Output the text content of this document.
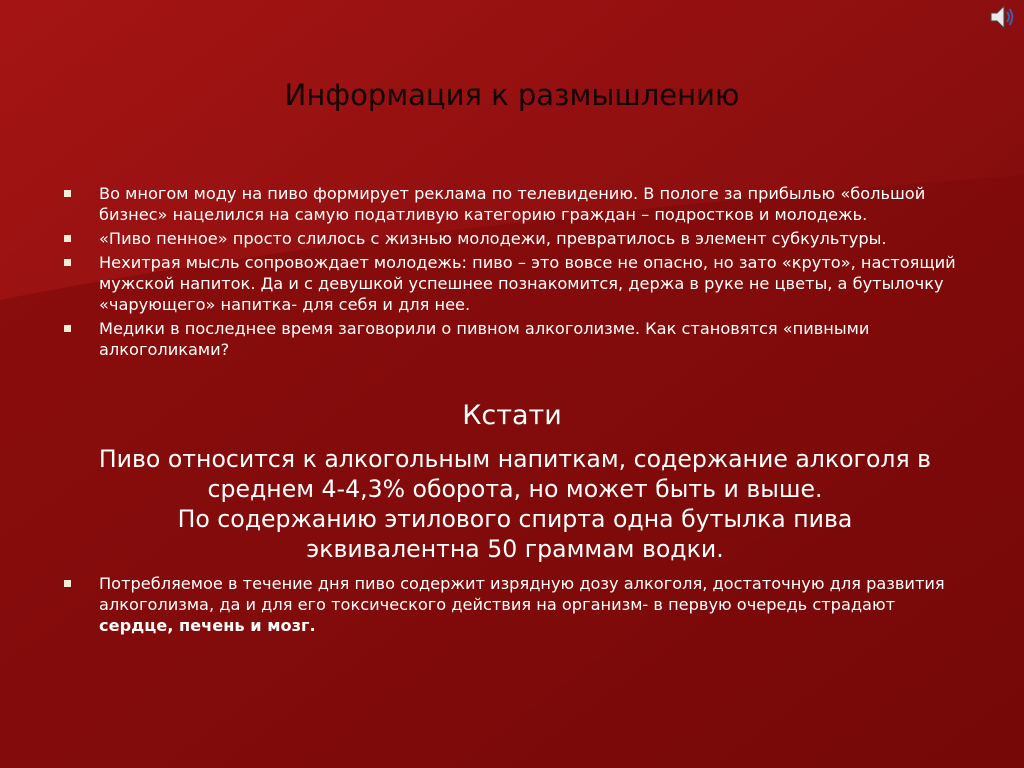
Информация к размышлению
Во многом моду на пиво формирует реклама по телевидению. В пологе за прибылью «большой бизнес» нацелился на самую податливую категорию граждан – подростков и молодежь.
«Пиво пенное» просто слилось с жизнью молодежи, превратилось в элемент субкультуры.
Нехитрая мысль сопровождает молодежь: пиво – это вовсе не опасно, но зато «круто», настоящий мужской напиток. Да и с девушкой успешнее познакомится, держа в руке не цветы, а бутылочку «чарующего» напитка- для себя и для нее.
Медики в последнее время заговорили о пивном алкоголизме. Как становятся «пивными алкоголиками?
Кстати
Пиво относится к алкогольным напиткам, содержание алкоголя в
среднем 4-4,3% оборота, но может быть и выше.
По содержанию этилового спирта одна бутылка пива
эквивалентна 50 граммам водки.
Потребляемое в течение дня пиво содержит изрядную дозу алкоголя, достаточную для развития алкоголизма, да и для его токсического действия на организм- в первую очередь страдают сердце, печень и мозг.
